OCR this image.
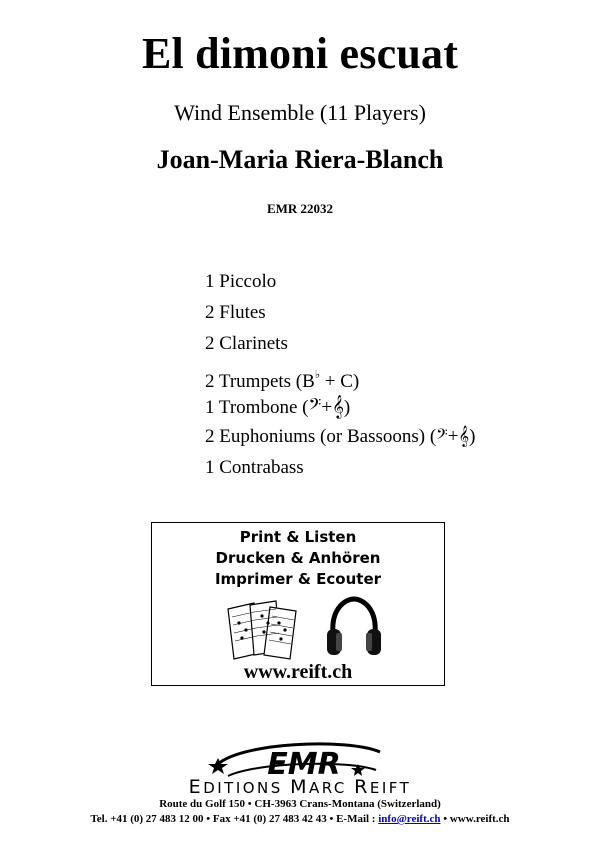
El dimoni escuat
Wind Ensemble (11 Players)
Joan-Maria Riera-Blanch
EMR 22032
1 Piccolo
2 Flutes
2 Clarinets
2 Trumpets (B♭ + C)
1 Trombone (𝄢+𝄞)
2 Euphoniums (or Bassoons) (𝄢+𝄞)
1 Contrabass
Print & Listen
Drucken & Anhören
Imprimer & Ecouter
www.reift.ch
EMR
EDITIONS MARC REIFT
Route du Golf 150 • CH-3963 Crans-Montana (Switzerland)
Tel. +41 (0) 27 483 12 00 • Fax +41 (0) 27 483 42 43 • E-Mail : info@reift.ch • www.reift.ch
